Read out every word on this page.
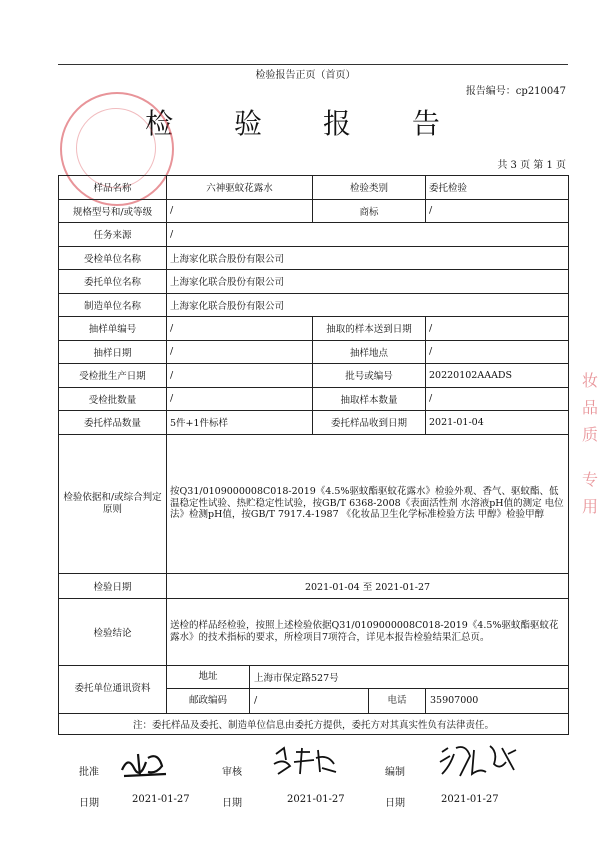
检验报告正页（首页）
报告编号：cp210047
检 验 报 告
共 3 页 第 1 页
妆
品
质
专
用
样品名称	六神驱蚊花露水	检验类别	委托检验
规格型号和/或等级	/	商标	/
任务来源	/		
受检单位名称	上海家化联合股份有限公司		
委托单位名称	上海家化联合股份有限公司		
制造单位名称	上海家化联合股份有限公司		
抽样单编号	/	抽取的样本送到日期	/
抽样日期	/	抽样地点	/
受检批生产日期	/	批号或编号	20220102AAADS
受检批数量	/	抽取样本数量	/
委托样品数量	5件+1件标样	委托样品收到日期	2021-01-04
检验依据和/或综合判定原则	按Q31/0109000008C018-2019《4.5%驱蚊酯驱蚊花露水》检验外观、香气、驱蚊酯、低温稳定性试验、热贮稳定性试验，按GB/T 6368-2008《表面活性剂 水溶液pH值的测定 电位法》检测pH值，按GB/T 7917.4-1987 《化妆品卫生化学标准检验方法 甲醇》检验甲醇		
检验日期	2021-01-04 至 2021-01-27		
检验结论	送检的样品经检验，按照上述检验依据Q31/0109000008C018-2019《4.5%驱蚊酯驱蚊花露水》的技术指标的要求，所检项目7项符合，详见本报告检验结果汇总页。		
委托单位通讯资料	地址 上海市保定路527号		

	邮政编码 / 电话 35907000		

注：委托样品及委托、制造单位信息由委托方提供，委托方对其真实性负有法律责任。			
批准	审核	编制
日期	2021-01-27	日期	2021-01-27	日期	2021-01-27
